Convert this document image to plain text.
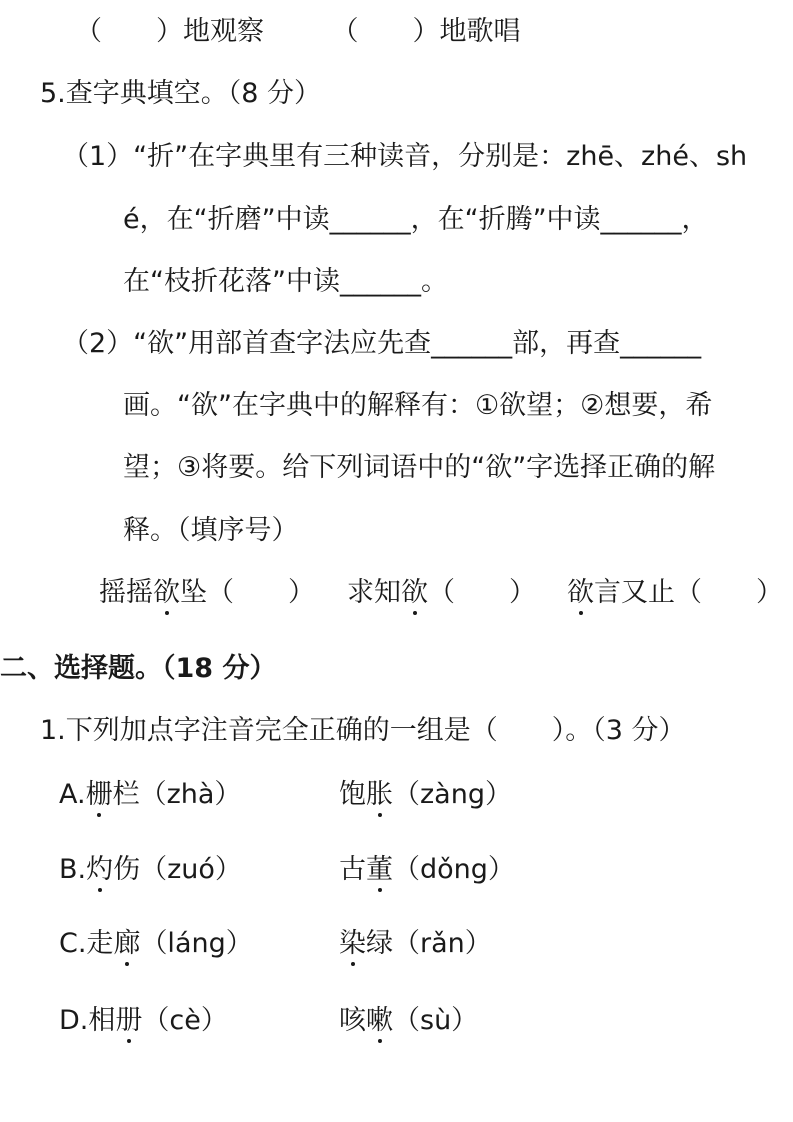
（　　）地观察　　　（　　）地歌唱
5.查字典填空。（8 分）
（1）“折”在字典里有三种读音，分别是：zhē、zhé、sh
é，在“折磨”中读______，在“折腾”中读______，
在“枝折花落”中读______。
（2）“欲”用部首查字法应先查______部，再查______
画。“欲”在字典中的解释有：①欲望；②想要，希
望；③将要。给下列词语中的“欲”字选择正确的解
释。（填序号）
摇摇欲坠（　　） 求知欲（　　） 欲言又止（　　）
二、选择题。（18 分）
1.下列加点字注音完全正确的一组是（　　）。（3 分）
A.栅栏（zhà）	饱胀（zàng）
B.灼伤（zuó）	古董（dǒng）
C.走廊（láng）	染绿（rǎn）
D.相册（cè）	咳嗽（sù）
